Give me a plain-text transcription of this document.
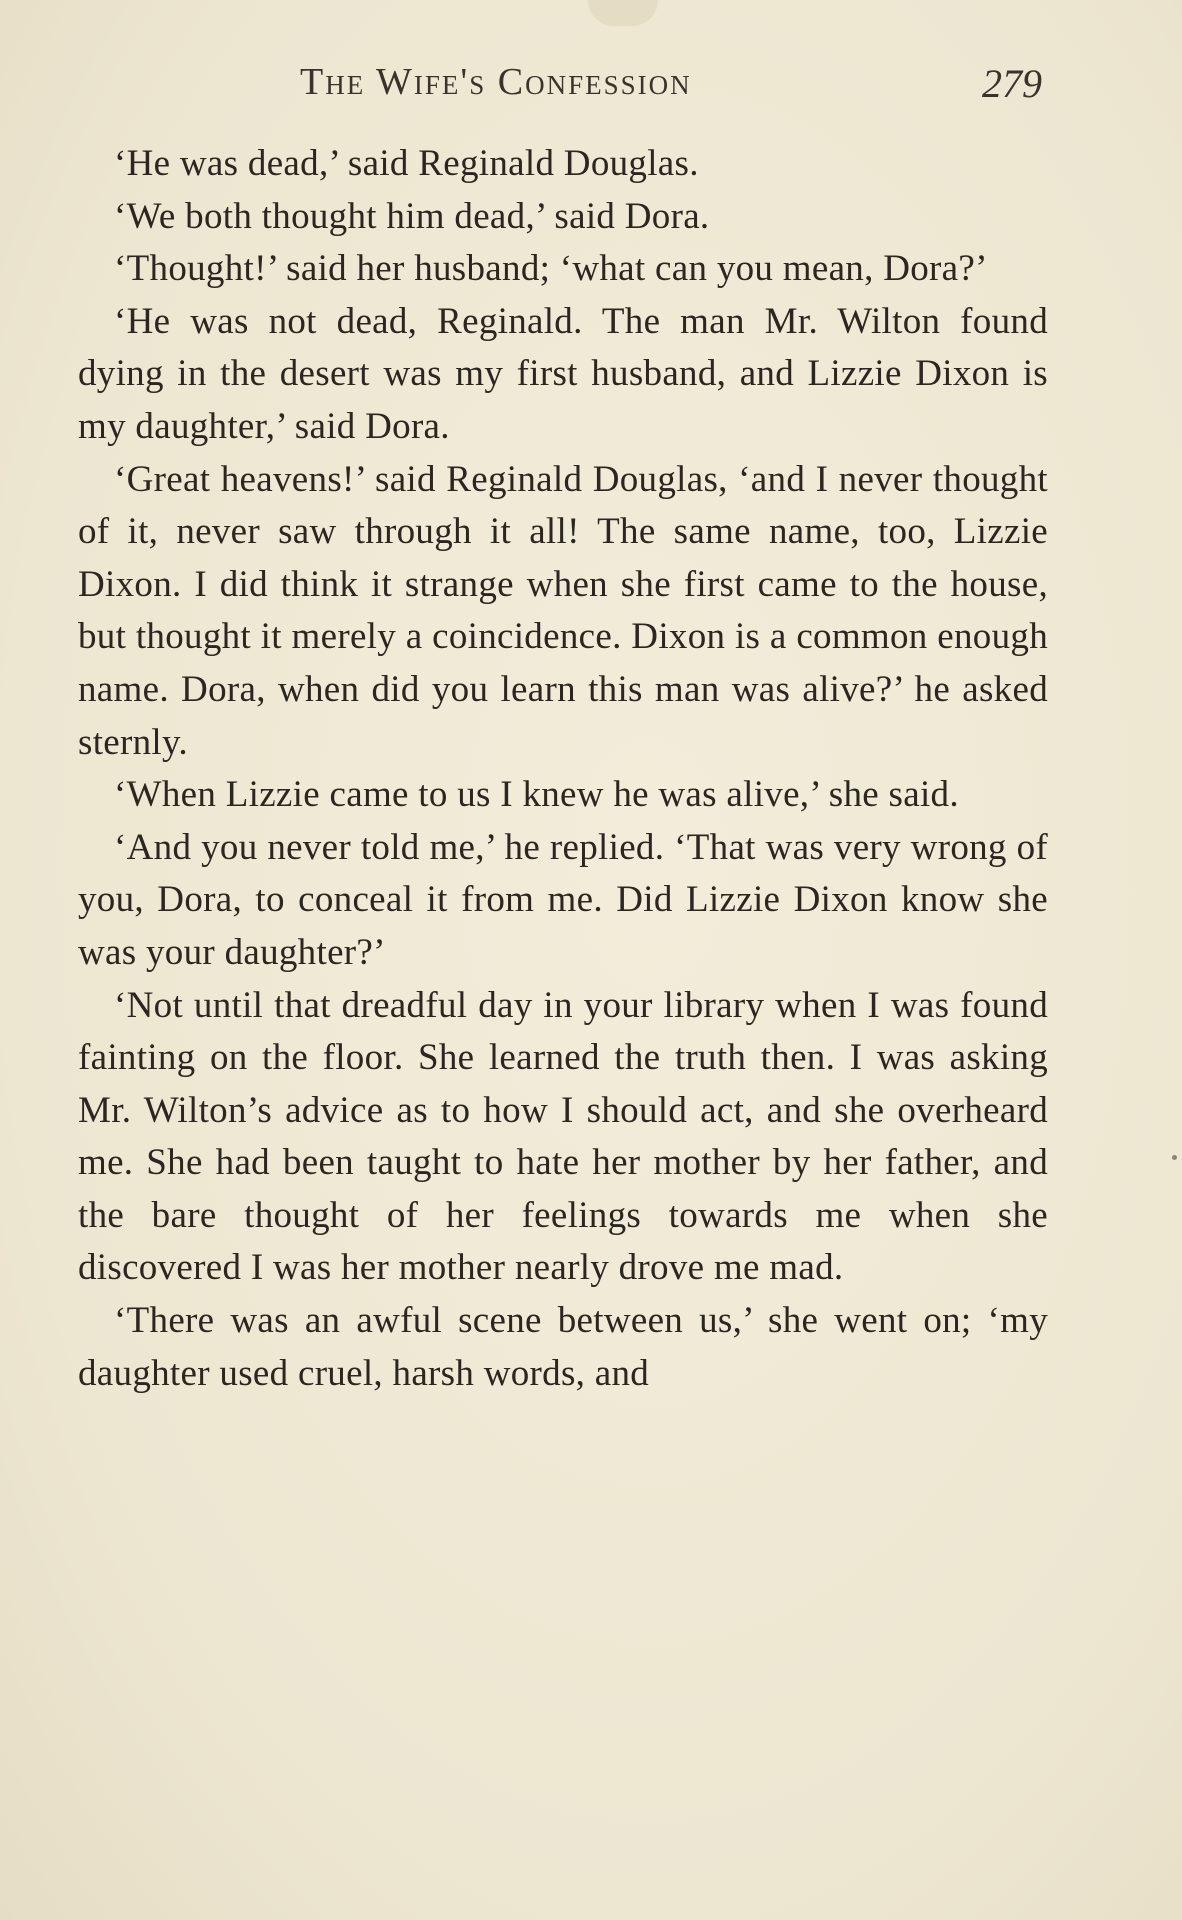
The Wife's Confession	279

‘He was dead,’ said Reginald Douglas.

‘We both thought him dead,’ said Dora.

‘Thought!’ said her husband; ‘what can you mean, Dora?’

‘He was not dead, Reginald. The man Mr. Wilton found dying in the desert was my first husband, and Lizzie Dixon is my daughter,’ said Dora.

‘Great heavens!’ said Reginald Douglas, ‘and I never thought of it, never saw through it all! The same name, too, Lizzie Dixon. I did think it strange when she first came to the house, but thought it merely a coincidence. Dixon is a common enough name. Dora, when did you learn this man was alive?’ he asked sternly.

‘When Lizzie came to us I knew he was alive,’ she said.

‘And you never told me,’ he replied. ‘That was very wrong of you, Dora, to conceal it from me. Did Lizzie Dixon know she was your daughter?’

‘Not until that dreadful day in your library when I was found fainting on the floor. She learned the truth then. I was asking Mr. Wilton’s advice as to how I should act, and she overheard me. She had been taught to hate her mother by her father, and the bare thought of her feelings towards me when she discovered I was her mother nearly drove me mad.

‘There was an awful scene between us,’ she went on; ‘my daughter used cruel, harsh words, and
